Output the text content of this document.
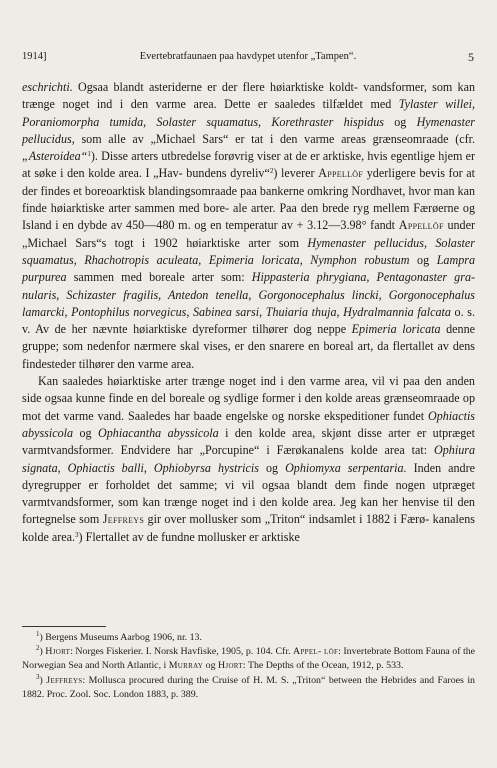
1914]	Evertebratfaunaen paa havdypet utenfor „Tampen“.	5

eschrichti. Ogsaa blandt asteriderne er der flere høiarktiske koldt- vandsformer, som kan trænge noget ind i den varme area. Dette er saaledes tilfældet med Tylaster willei, Poraniomorpha tumida, Solaster squamatus, Korethraster hispidus og Hymenaster pellucidus, som alle av „Michael Sars“ er tat i den varme areas grænseomraade (cfr. „Asteroidea“$^1$). Disse arters utbredelse forøvrig viser at de er arktiske, hvis egentlige hjem er at søke i den kolde area. I „Hav- bundens dyreliv“$^2$) leverer Appellöf yderligere bevis for at der findes et boreoarktisk blandingsomraade paa bankerne omkring Nordhavet, hvor man kan finde høiarktiske arter sammen med bore- ale arter. Paa den brede ryg mellem Færøerne og Island i en dybde av 450—480 m. og en temperatur av + 3.12—3.98° fandt Appellöf under „Michael Sars“s togt i 1902 høiarktiske arter som Hymenaster pellucidus, Solaster squamatus, Rhachotropis aculeata, Epimeria loricata, Nymphon robustum og Lampra purpurea sammen med boreale arter som: Hippasteria phrygiana, Pentagonaster gra- nularis, Schizaster fragilis, Antedon tenella, Gorgonocephalus lincki, Gorgonocephalus lamarcki, Pontophilus norvegicus, Sabinea sarsi, Thuiaria thuja, Hydralmannia falcata o. s. v. Av de her nævnte høiarktiske dyreformer tilhører dog neppe Epimeria loricata denne gruppe; som nedenfor nærmere skal vises, er den snarere en boreal art, da flertallet av dens findesteder tilhører den varme area.

Kan saaledes høiarktiske arter trænge noget ind i den varme area, vil vi paa den anden side ogsaa kunne finde en del boreale og sydlige former i den kolde areas grænseomraade op mot det varme vand. Saaledes har baade engelske og norske ekspeditioner fundet Ophiactis abyssicola og Ophiacantha abyssicola i den kolde area, skjønt disse arter er utpræget varmtvandsformer. Endvidere har „Porcupine“ i Færøkanalens kolde area tat: Ophiura signata, Ophiactis balli, Ophiobyrsa hystricis og Ophiomyxa serpentaria. Inden andre dyregrupper er forholdet det samme; vi vil ogsaa blandt dem finde nogen utpræget varmtvandsformer, som kan trænge noget ind i den kolde area. Jeg kan her henvise til den fortegnelse som Jeffreys gir over mollusker som „Triton“ indsamlet i 1882 i Færø- kanalens kolde area.$^3$) Flertallet av de fundne mollusker er arktiske

$^1$) Bergens Museums Aarbog 1906, nr. 13.

$^2$) Hjort: Norges Fiskerier. I. Norsk Havfiske, 1905, p. 104. Cfr. Appel- löf: Invertebrate Bottom Fauna of the Norwegian Sea and North Atlantic, i Murray og Hjort: The Depths of the Ocean, 1912, p. 533.

$^3$) Jeffreys: Mollusca procured during the Cruise of H. M. S. „Triton“ between the Hebrides and Faroes in 1882. Proc. Zool. Soc. London 1883, p. 389.
